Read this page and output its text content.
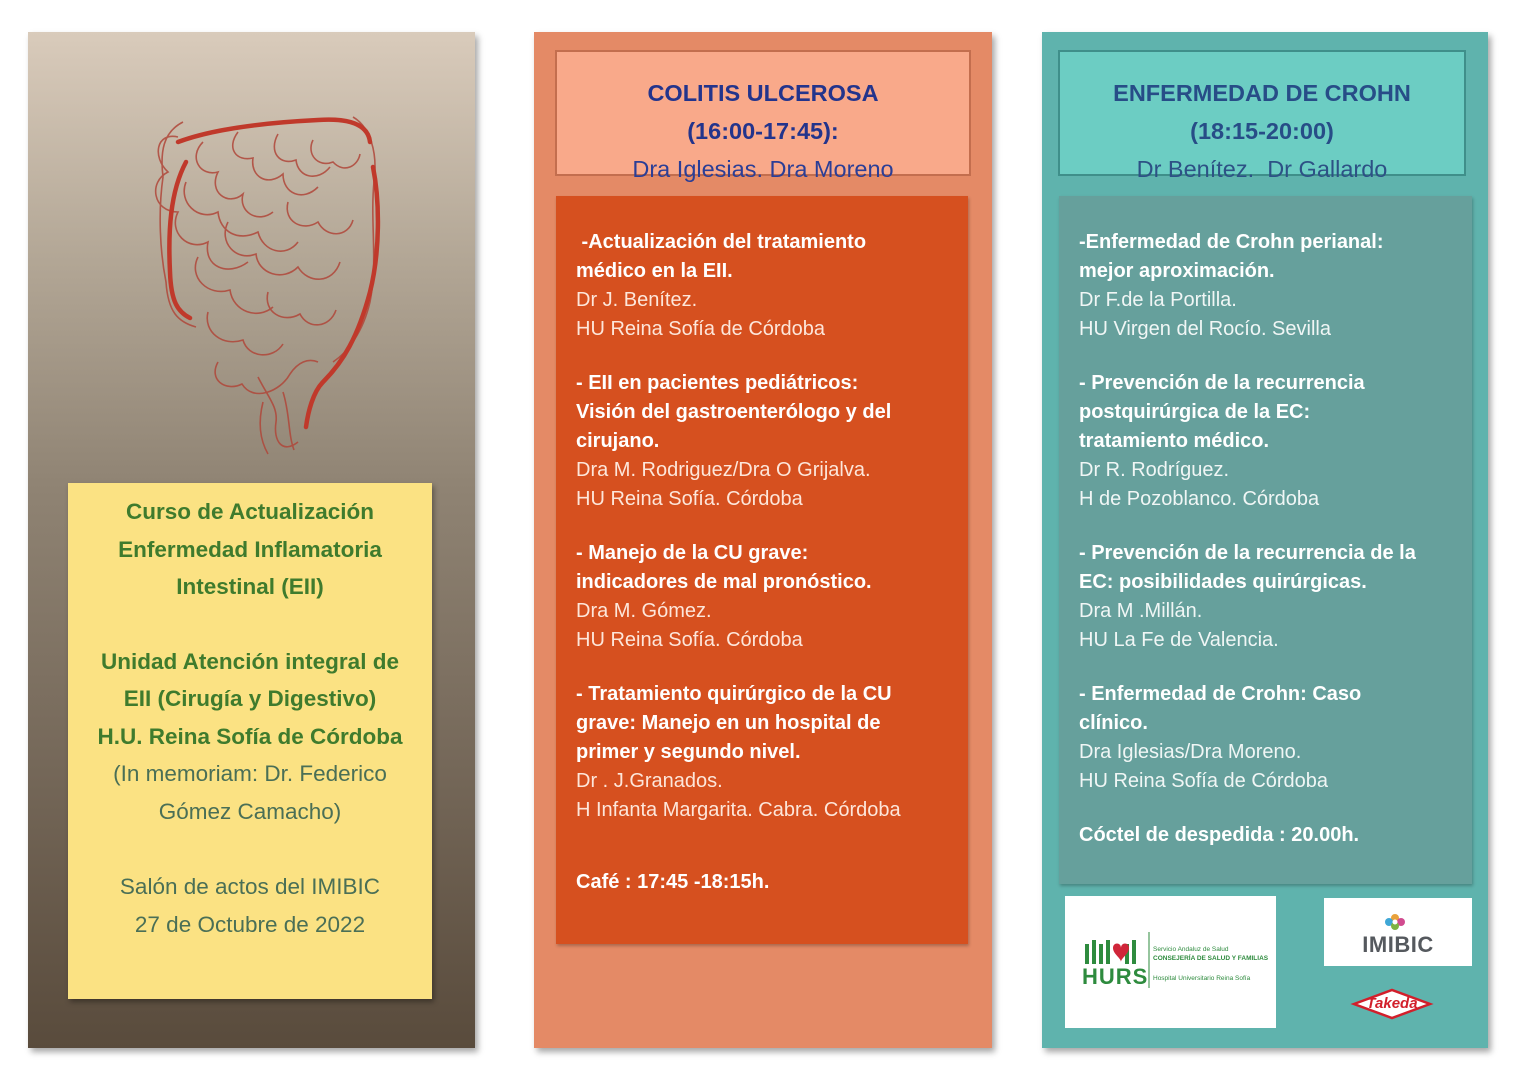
Curso de Actualización
Enfermedad Inflamatoria
Intestinal (EII)
Unidad Atención integral de
EII (Cirugía y Digestivo)
H.U. Reina Sofía de Córdoba
(In memoriam: Dr. Federico
Gómez Camacho)
Salón de actos del IMIBIC
27 de Octubre de 2022
COLITIS ULCEROSA
(16:00-17:45):
Dra Iglesias. Dra Moreno
-Actualización del tratamiento
médico en la EII.
Dr J. Benítez.
HU Reina Sofía de Córdoba
- EII en pacientes pediátricos:
Visión del gastroenterólogo y del
cirujano.
Dra M. Rodriguez/Dra O Grijalva.
HU Reina Sofía. Córdoba
- Manejo de la CU grave:
indicadores de mal pronóstico.
Dra M. Gómez.
HU Reina Sofía. Córdoba
- Tratamiento quirúrgico de la CU
grave: Manejo en un hospital de
primer y segundo nivel.
Dr . J.Granados.
H Infanta Margarita. Cabra. Córdoba
Café : 17:45 -18:15h.
ENFERMEDAD DE CROHN
(18:15-20:00)
Dr Benítez.  Dr Gallardo
-Enfermedad de Crohn perianal:
mejor aproximación.
Dr F.de la Portilla.
HU Virgen del Rocío. Sevilla
- Prevención de la recurrencia
postquirúrgica de la EC:
tratamiento médico.
Dr R. Rodríguez.
H de Pozoblanco. Córdoba
- Prevención de la recurrencia de la
EC: posibilidades quirúrgicas.
Dra M .Millán.
HU La Fe de Valencia.
- Enfermedad de Crohn: Caso
clínico.
Dra Iglesias/Dra Moreno.
HU Reina Sofía de Córdoba
Cóctel de despedida : 20.00h.
HURS
Servicio Andaluz de Salud
CONSEJERÍA DE SALUD Y FAMILIAS
Hospital Universitario Reina Sofía
IMIBIC
Takeda
